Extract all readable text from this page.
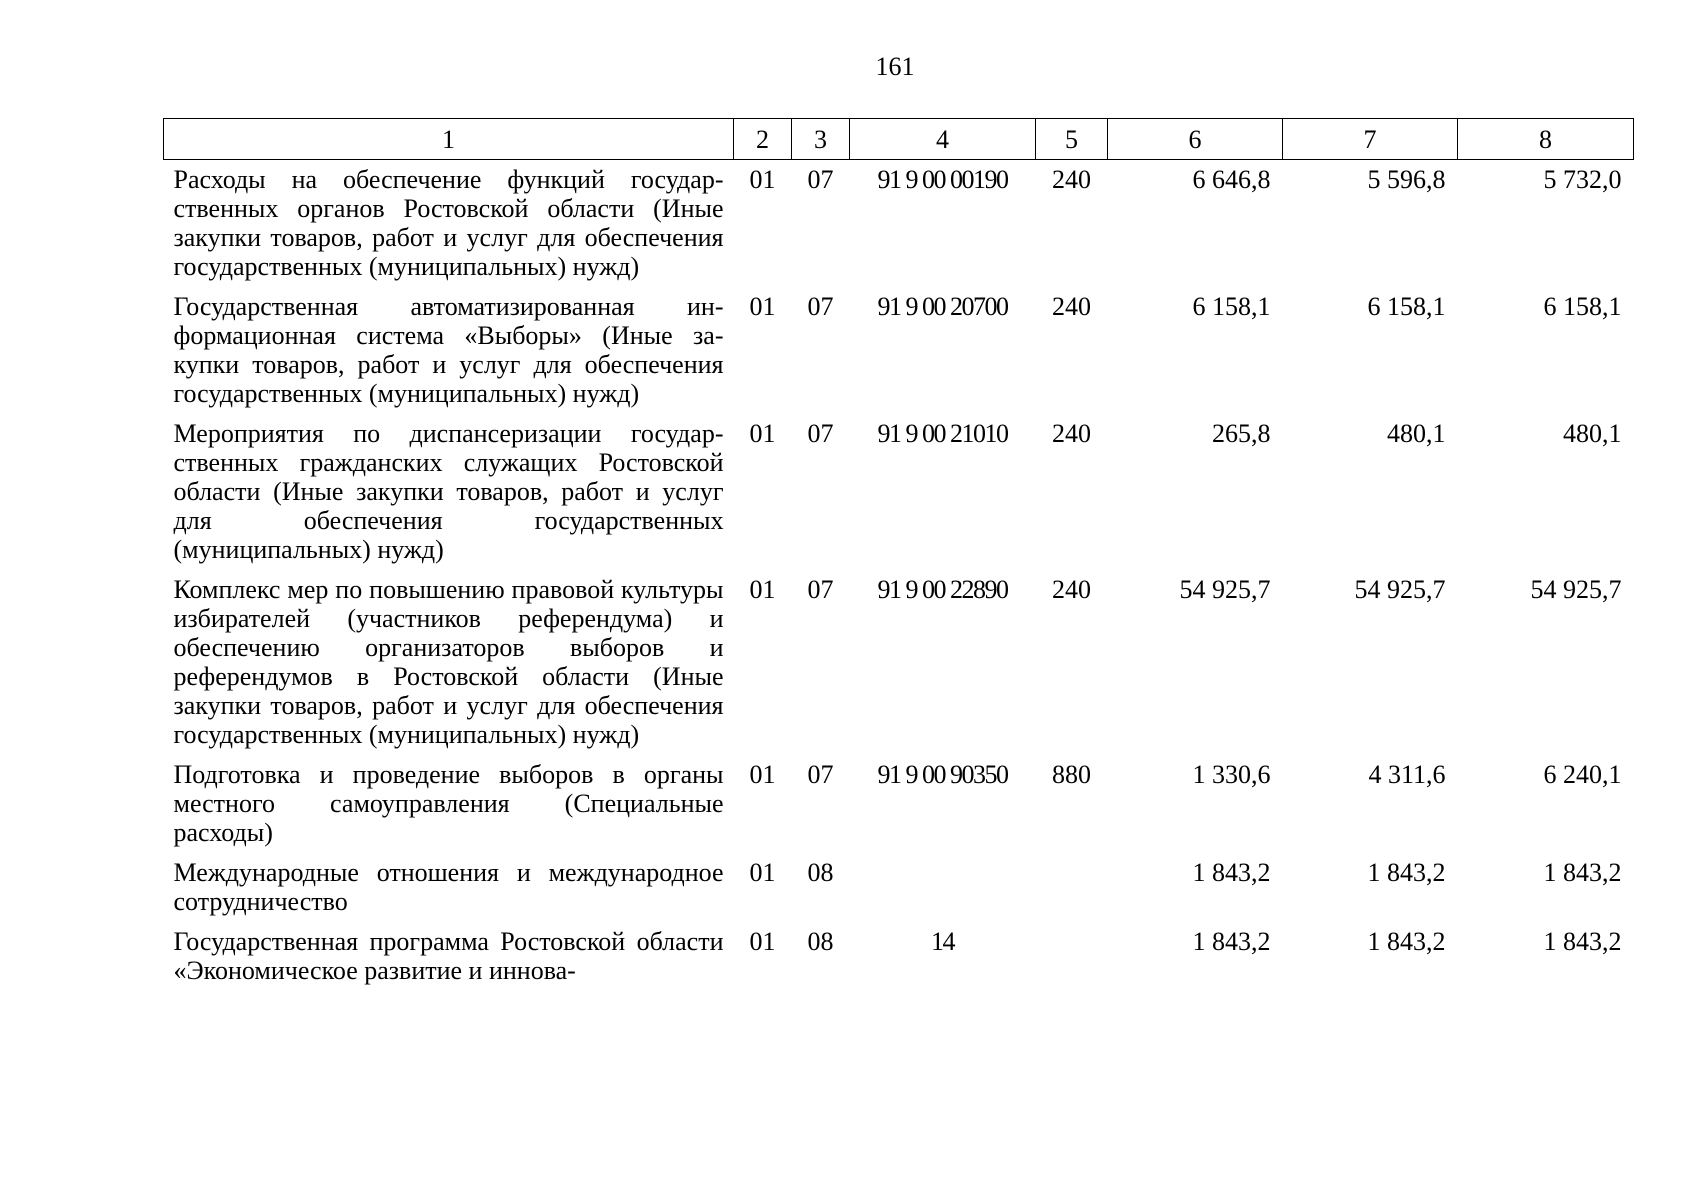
161
1	2	3	4	5	6	7	8
Расходы на обеспечение функций государственных органов Ростовской области (Иные закупки товаров, работ и услуг для обеспечения государственных (муниципальных) нужд)	01	07	91 9 00 00190	240	6 646,8	5 596,8	5 732,0
Государственная автоматизированная информационная система «Выборы» (Иные закупки товаров, работ и услуг для обеспечения государственных (муниципальных) нужд)	01	07	91 9 00 20700	240	6 158,1	6 158,1	6 158,1
Мероприятия по диспансеризации государственных гражданских служащих Ростовской области (Иные закупки товаров, работ и услуг для обеспечения государственных (муниципальных) нужд)	01	07	91 9 00 21010	240	265,8	480,1	480,1
Комплекс мер по повышению правовой культуры избирателей (участников референдума) и обеспечению организаторов выборов и референдумов в Ростовской области (Иные закупки товаров, работ и услуг для обеспечения государственных (муниципальных) нужд)	01	07	91 9 00 22890	240	54 925,7	54 925,7	54 925,7
Подготовка и проведение выборов в органы местного самоуправления (Специальные расходы)	01	07	91 9 00 90350	880	1 330,6	4 311,6	6 240,1
Международные отношения и международное сотрудничество	01	08			1 843,2	1 843,2	1 843,2
Государственная программа Ростовской области «Экономическое развитие и иннова-	01	08	14		1 843,2	1 843,2	1 843,2
